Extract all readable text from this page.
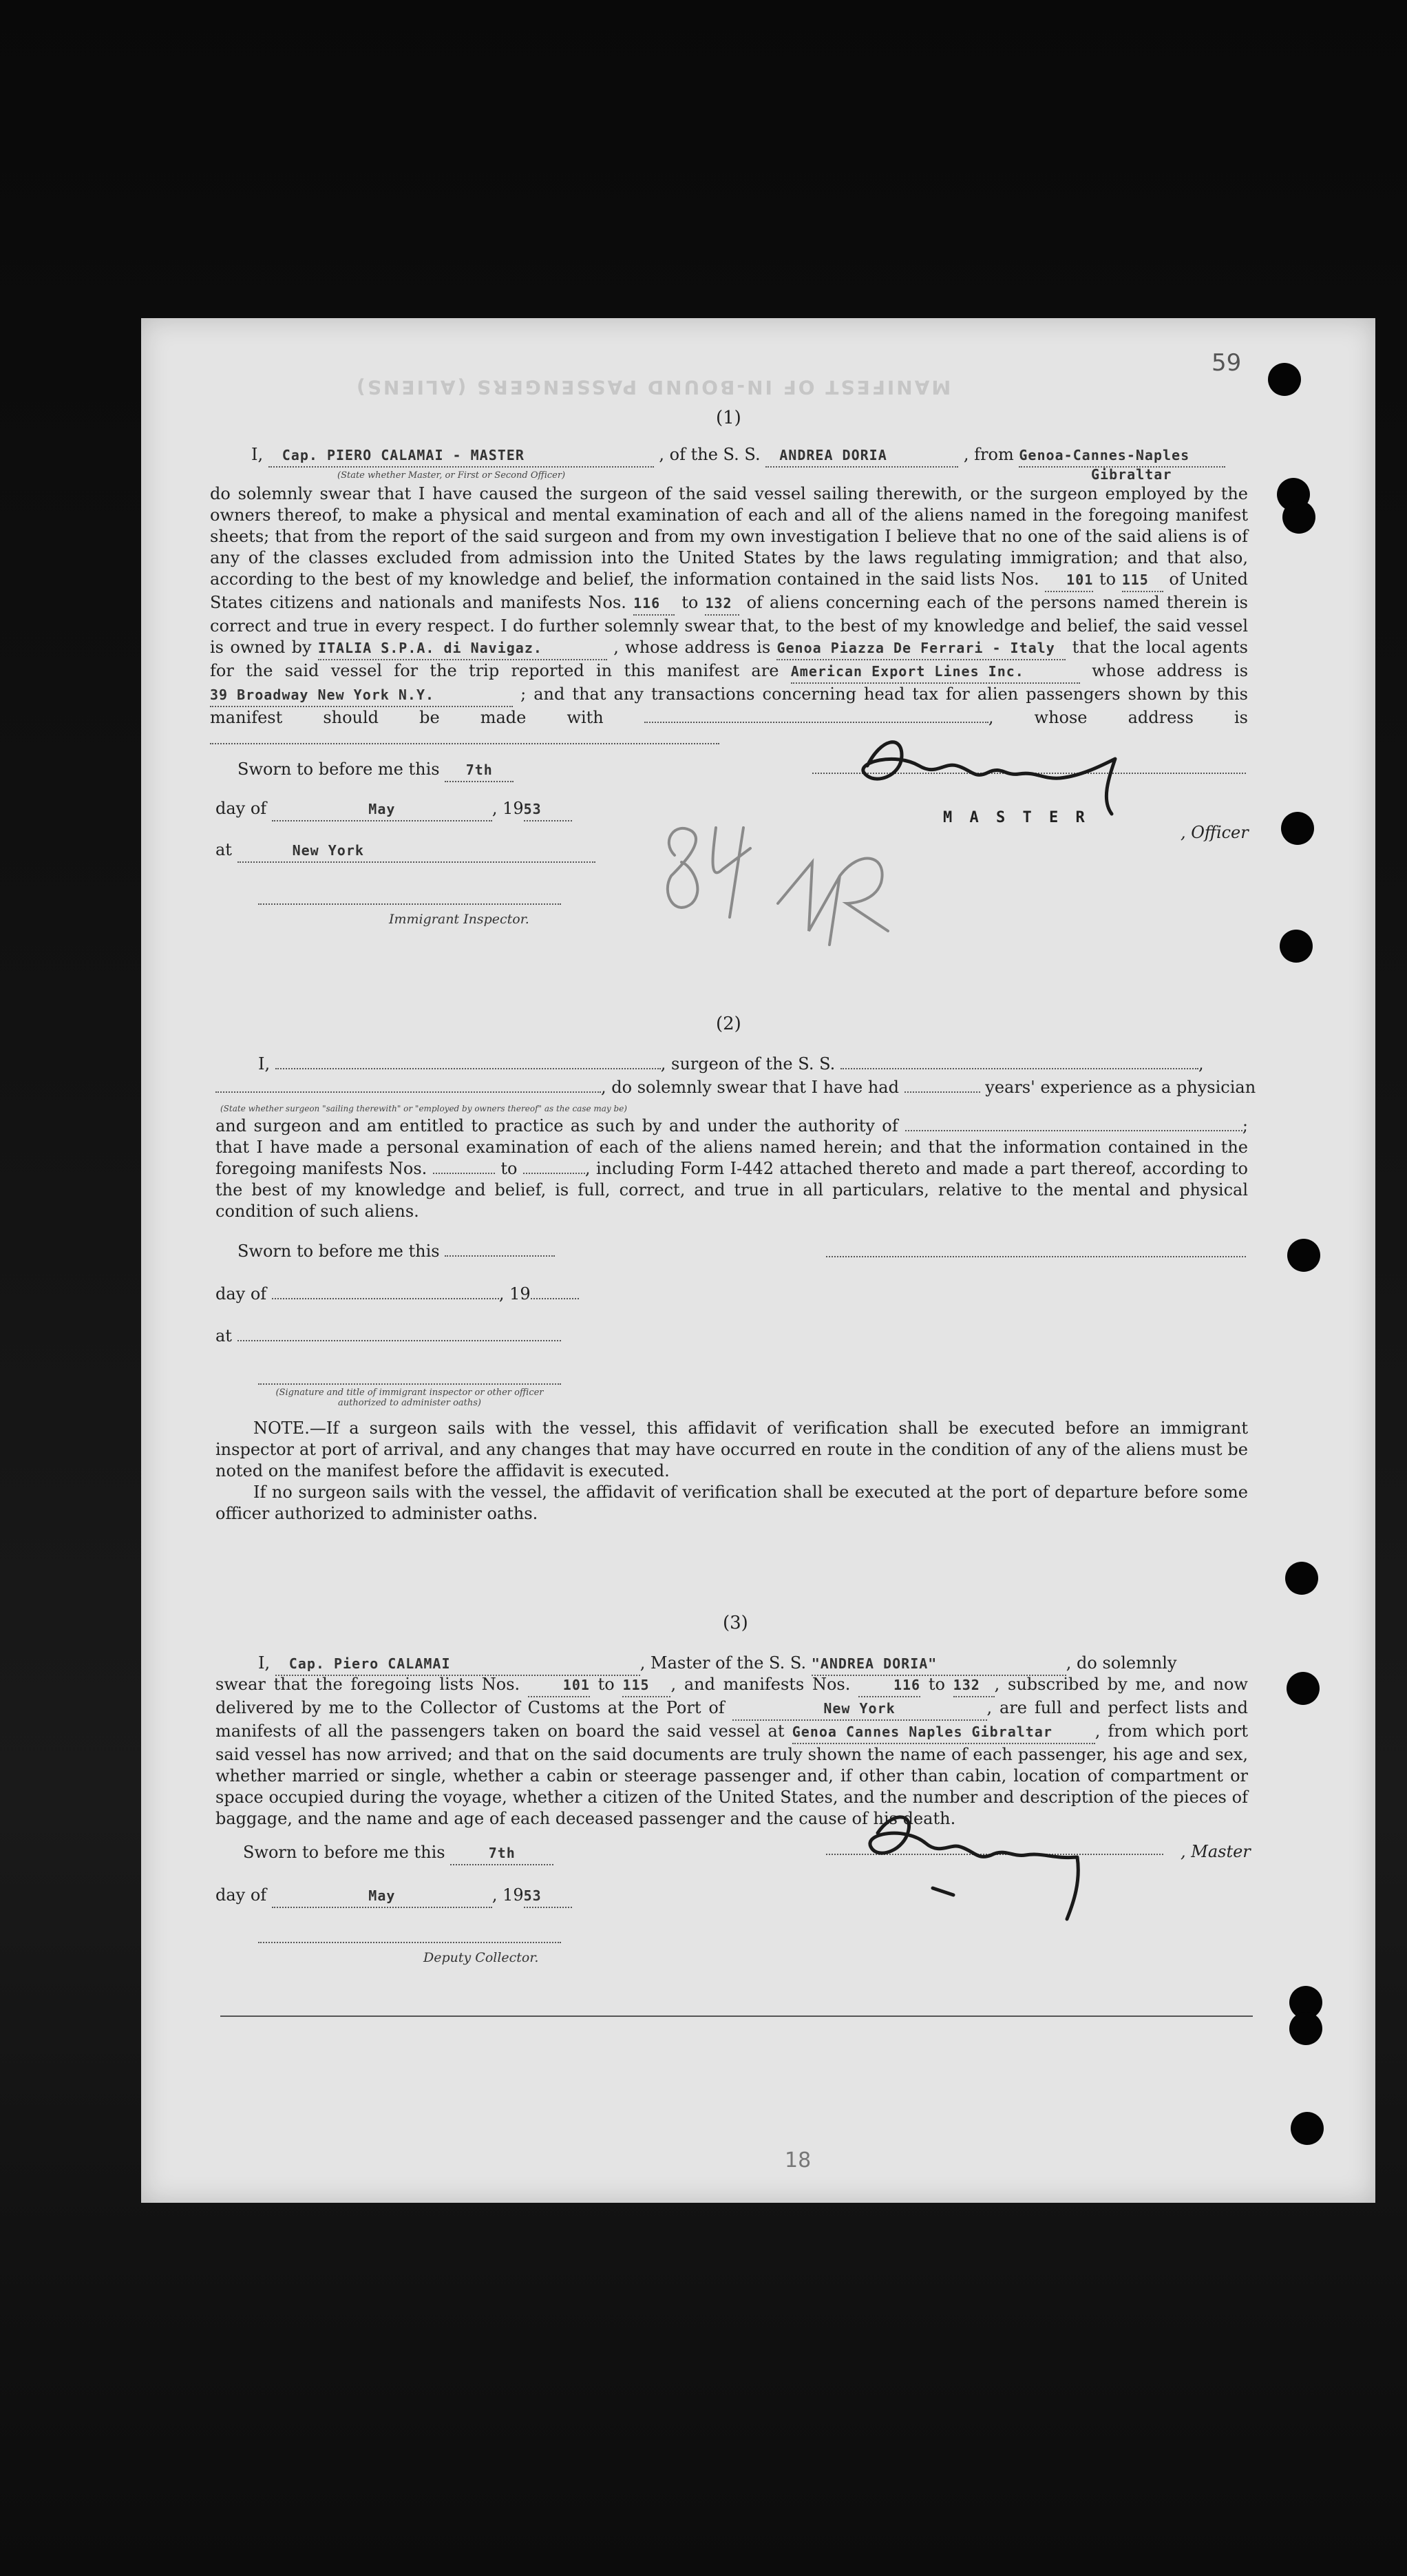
MANIFEST OF IN-BOUND PASSENGERS (ALIENS)
59
(1)
I, Cap. PIERO CALAMAI - MASTER	, of the S. S. ANDREA DORIA	, from Genoa-Cannes-Naples
(State whether Master, or First or Second Officer)	Gibraltar
do solemnly swear that I have caused the surgeon of the said vessel sailing therewith, or the surgeon employed by the owners thereof, to make a physical and mental examination of each and all of the aliens named in the foregoing manifest sheets; that from the report of the said surgeon and from my own investigation I believe that no one of the said aliens is of any of the classes excluded from admission into the United States by the laws regulating immigration; and that also, according to the best of my knowledge and belief, the information contained in the said lists Nos. 101 to 115 of United States citizens and nationals and manifests Nos. 116 to 132 of aliens concerning each of the persons named therein is correct and true in every respect. I do further solemnly swear that, to the best of my knowledge and belief, the said vessel is owned by ITALIA S.P.A. di Navigaz.	, whose address is Genoa Piazza De Ferrari - Italy that the local agents for the said vessel for the trip reported in this manifest are American Export Lines Inc.	whose address is 39 Broadway New York N.Y.	; and that any transactions concerning head tax for alien passengers shown by this manifest should be made with	, whose address is
Sworn to before me this 7th
day of	May	, 1953
at	New York
Immigrant Inspector.
M A S T E R
, Officer
824 HR
(2)
I,	, surgeon of the S. S.	,
, do solemnly swear that I have had	years' experience as a physician
(State whether surgeon "sailing therewith" or "employed by owners thereof" as the case may be)
and surgeon and am entitled to practice as such by and under the authority of	; that I have made a personal examination of each of the aliens named herein; and that the information contained in the foregoing manifests Nos.	to	, including Form I-442 attached thereto and made a part thereof, according to the best of my knowledge and belief, is full, correct, and true in all particulars, relative to the mental and physical condition of such aliens.
Sworn to before me this
day of	, 19
at
(Signature and title of immigrant inspector or other officer authorized to administer oaths)
NOTE.—If a surgeon sails with the vessel, this affidavit of verification shall be executed before an immigrant inspector at port of arrival, and any changes that may have occurred en route in the condition of any of the aliens must be noted on the manifest before the affidavit is executed.
If no surgeon sails with the vessel, the affidavit of verification shall be executed at the port of departure before some officer authorized to administer oaths.
(3)
I, Cap. Piero CALAMAI	, Master of the S. S. "ANDREA DORIA"	, do solemnly
swear that the foregoing lists Nos.	101 to 115 , and manifests Nos.	116 to 132 , subscribed by me, and now delivered by me to the Collector of Customs at the Port of	New York	, are full and perfect lists and manifests of all the passengers taken on board the said vessel at Genoa Cannes Naples Gibraltar	, from which port said vessel has now arrived; and that on the said documents are truly shown the name of each passenger, his age and sex, whether married or single, whether a cabin or steerage passenger and, if other than cabin, location of compartment or space occupied during the voyage, whether a citizen of the United States, and the number and description of the pieces of baggage, and the name and age of each deceased passenger and the cause of his death.
Sworn to before me this	7th
day of	May	, 1953
Deputy Collector.
, Master
18
